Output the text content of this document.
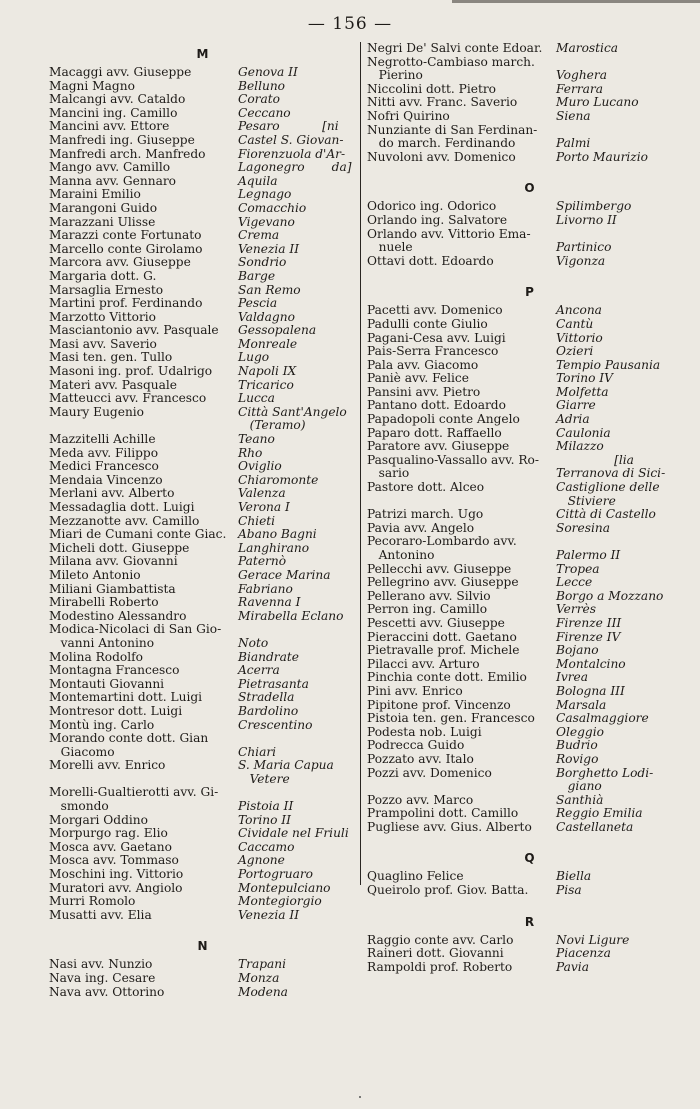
— 156 —
M
Macaggi avv. Giuseppe	Genova II
Magni Magno	Belluno
Malcangi avv. Cataldo	Corato
Mancini ing. Camillo	Ceccano
Mancini avv. Ettore	Pesaro           [ni
Manfredi ing. Giuseppe	Castel S. Giovan-
Manfredi arch. Manfredo	Fiorenzuola d'Ar-
Mango avv. Camillo	Lagonegro       da]
Manna avv. Gennaro	Aquila
Maraini Emilio	Legnago
Marangoni Guido	Comacchio
Marazzani Ulisse	Vigevano
Marazzi conte Fortunato	Crema
Marcello conte Girolamo	Venezia II
Marcora avv. Giuseppe	Sondrio
Margaria dott. G.	Barge
Marsaglia Ernesto	San Remo
Martini prof. Ferdinando	Pescia
Marzotto Vittorio	Valdagno
Masciantonio avv. Pasquale	Gessopalena
Masi avv. Saverio	Monreale
Masi ten. gen. Tullo	Lugo
Masoni ing. prof. Udalrigo	Napoli IX
Materi avv. Pasquale	Tricarico
Matteucci avv. Francesco	Lucca
Maury Eugenio	Città Sant'Angelo
(Teramo)
Mazzitelli Achille	Teano
Meda avv. Filippo	Rho
Medici Francesco	Oviglio
Mendaia Vincenzo	Chiaromonte
Merlani avv. Alberto	Valenza
Messadaglia dott. Luigi	Verona I
Mezzanotte avv. Camillo	Chieti
Miari de Cumani conte Giac. Abano Bagni
Micheli dott. Giuseppe	Langhirano
Milana avv. Giovanni	Paternò
Mileto Antonio	Gerace Marina
Miliani Giambattista	Fabriano
Mirabelli Roberto	Ravenna I
Modestino Alessandro	Mirabella Eclano
Modica-Nicolaci di San Gio-
vanni Antonino	Noto
Molina Rodolfo	Biandrate
Montagna Francesco	Acerra
Montauti Giovanni	Pietrasanta
Montemartini dott. Luigi	Stradella
Montresor dott. Luigi	Bardolino
Montù ing. Carlo	Crescentino
Morando conte dott. Gian
Giacomo	Chiari
Morelli avv. Enrico	S. Maria Capua
Vetere
Morelli-Gualtierotti avv. Gi-
smondo	Pistoia II
Morgari Oddino	Torino II
Morpurgo rag. Elio	Cividale nel Friuli
Mosca avv. Gaetano	Caccamo
Mosca avv. Tommaso	Agnone
Moschini ing. Vittorio	Portogruaro
Muratori avv. Angiolo	Montepulciano
Murri Romolo	Montegiorgio
Musatti avv. Elia	Venezia II
N
Nasi avv. Nunzio	Trapani
Nava ing. Cesare	Monza
Nava avv. Ottorino	Modena
Negri De' Salvi conte Edoar.	Marostica
Negrotto-Cambiaso march.
Pierino	Voghera
Niccolini dott. Pietro	Ferrara
Nitti avv. Franc. Saverio	Muro Lucano
Nofri Quirino	Siena
Nunziante di San Ferdinan-
do march. Ferdinando	Palmi
Nuvoloni avv. Domenico	Porto Maurizio
O
Odorico ing. Odorico	Spilimbergo
Orlando ing. Salvatore	Livorno II
Orlando avv. Vittorio Ema-
nuele	Partinico
Ottavi dott. Edoardo	Vigonza
P
Pacetti avv. Domenico	Ancona
Padulli conte Giulio	Cantù
Pagani-Cesa avv. Luigi	Vittorio
Pais-Serra Francesco	Ozieri
Pala avv. Giacomo	Tempio Pausania
Paniè avv. Felice	Torino IV
Pansini avv. Pietro	Molfetta
Pantano dott. Edoardo	Giarre
Papadopoli conte Angelo	Adria
Paparo dott. Raffaello	Caulonia
Paratore avv. Giuseppe	Milazzo
Pasqualino-Vassallo avv. Ro-	[lia
sario	Terranova di Sici-
Pastore dott. Alceo	Castiglione delle
Stiviere
Patrizi march. Ugo	Città di Castello
Pavia avv. Angelo	Soresina
Pecoraro-Lombardo avv.
Antonino	Palermo II
Pellecchi avv. Giuseppe	Tropea
Pellegrino avv. Giuseppe	Lecce
Pellerano avv. Silvio	Borgo a Mozzano
Perron ing. Camillo	Verrès
Pescetti avv. Giuseppe	Firenze III
Pieraccini dott. Gaetano	Firenze IV
Pietravalle prof. Michele	Bojano
Pilacci avv. Arturo	Montalcino
Pinchia conte dott. Emilio	Ivrea
Pini avv. Enrico	Bologna III
Pipitone prof. Vincenzo	Marsala
Pistoia ten. gen. Francesco	Casalmaggiore
Podesta nob. Luigi	Oleggio
Podrecca Guido	Budrio
Pozzato avv. Italo	Rovigo
Pozzi avv. Domenico	Borghetto Lodi-
giano
Pozzo avv. Marco	Santhià
Prampolini dott. Camillo	Reggio Emilia
Pugliese avv. Gius. Alberto	Castellaneta
Q
Quaglino Felice	Biella
Queirolo prof. Giov. Batta.	Pisa
R
Raggio conte avv. Carlo	Novi Ligure
Raineri dott. Giovanni	Piacenza
Rampoldi prof. Roberto	Pavia
